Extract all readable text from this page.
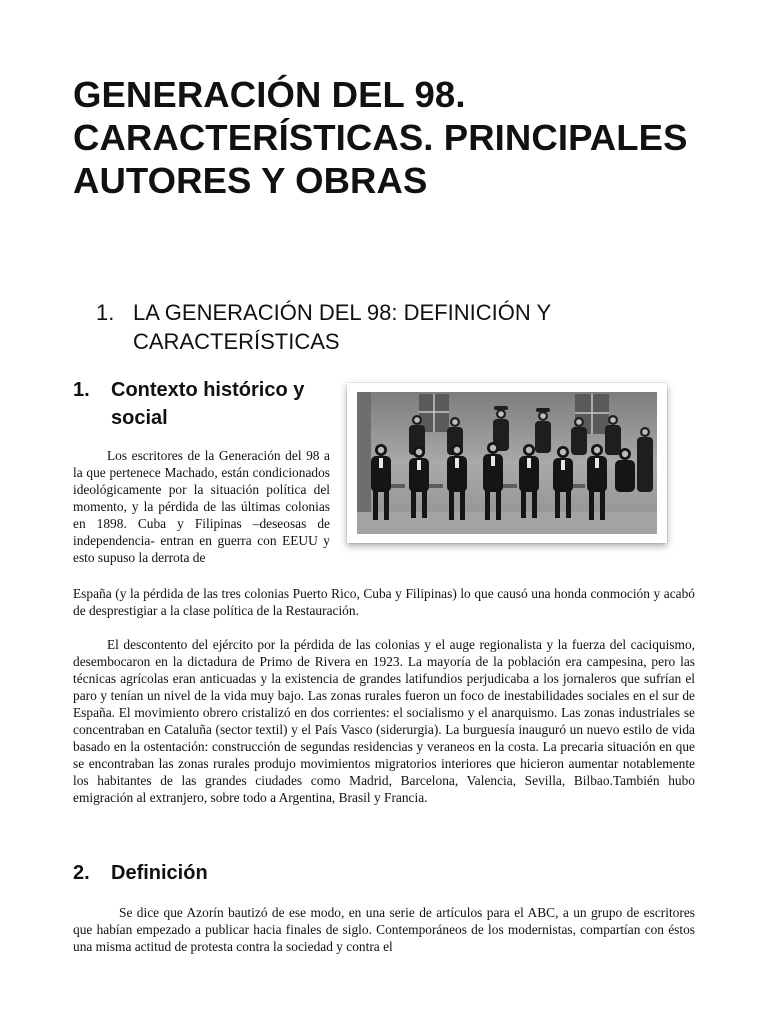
GENERACIÓN DEL 98. CARACTERÍSTICAS. PRINCIPALES AUTORES Y OBRAS
1. LA GENERACIÓN DEL 98: DEFINICIÓN Y CARACTERÍSTICAS
1.	Contexto histórico y social

Los escritores de la Generación del 98 a la que pertenece Machado, están condicionados ideológicamente por la situación política del momento, y la pérdida de las últimas colonias en 1898. Cuba y Filipinas –deseosas de independencia- entran en guerra con EEUU y esto supuso la derrota de

España (y la pérdida de las tres colonias Puerto Rico, Cuba y Filipinas) lo que causó una honda conmoción y acabó de desprestigiar a la clase política de la Restauración.

El descontento del ejército por la pérdida de las colonias y el auge regionalista y la fuerza del caciquismo, desembocaron en la dictadura de Primo de Rivera en 1923. La mayoría de la población era campesina, pero las técnicas agrícolas eran anticuadas y la existencia de grandes latifundios perjudicaba a los jornaleros que sufrían el paro y tenían un nivel de la vida muy bajo. Las zonas rurales fueron un foco de inestabilidades sociales en el sur de España. El movimiento obrero cristalizó en dos corrientes: el socialismo y el anarquismo. Las zonas industriales se concentraban en Cataluña (sector textil) y el País Vasco (siderurgia). La burguesía inauguró un nuevo estilo de vida basado en la ostentación: construcción de segundas residencias y veraneos en la costa. La precaria situación en que se encontraban las zonas rurales produjo movimientos migratorios interiores que hicieron aumentar notablemente los habitantes de las grandes ciudades como Madrid, Barcelona, Valencia, Sevilla, Bilbao.También hubo emigración al extranjero, sobre todo a Argentina, Brasil y Francia.

2.	Definición

Se dice que Azorín bautizó de ese modo, en una serie de artículos para el ABC, a un grupo de escritores que habían empezado a publicar hacia finales de siglo. Contemporáneos de los modernistas, compartían con éstos una misma actitud de protesta contra la sociedad y contra el
